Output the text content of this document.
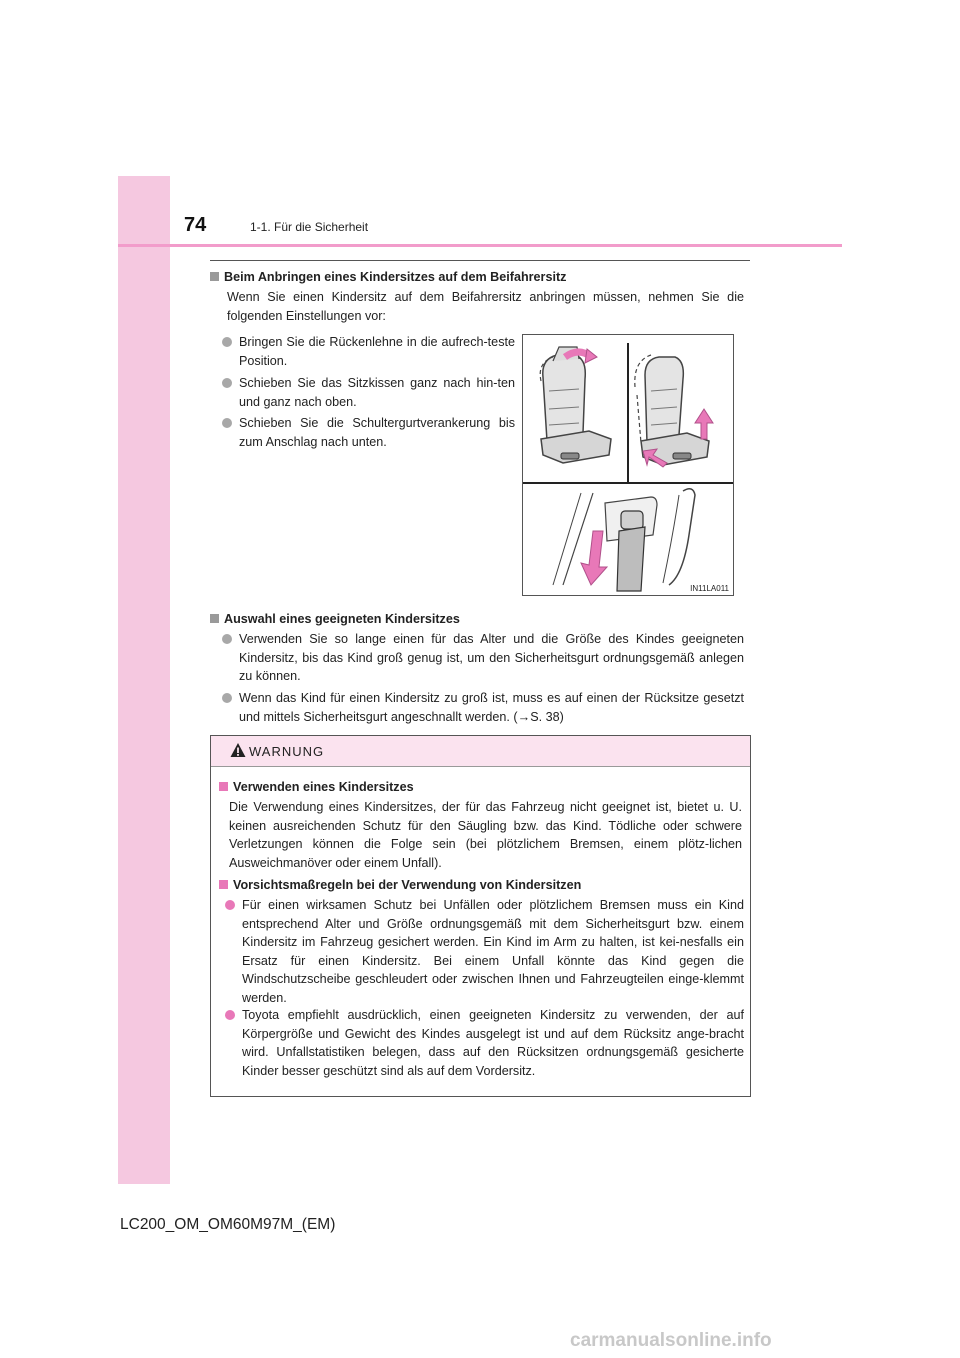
74	1-1. Für die Sicherheit
Beim Anbringen eines Kindersitzes auf dem Beifahrersitz
Wenn Sie einen Kindersitz auf dem Beifahrersitz anbringen müssen, nehmen Sie die folgenden Einstellungen vor:
Bringen Sie die Rückenlehne in die aufrech-teste Position.
Schieben Sie das Sitzkissen ganz nach hin-ten und ganz nach oben.
Schieben Sie die Schultergurtverankerung bis zum Anschlag nach unten.
IN11LA011
Auswahl eines geeigneten Kindersitzes
Verwenden Sie so lange einen für das Alter und die Größe des Kindes geeigneten Kindersitz, bis das Kind groß genug ist, um den Sicherheitsgurt ordnungsgemäß anlegen zu können.
Wenn das Kind für einen Kindersitz zu groß ist, muss es auf einen der Rücksitze gesetzt und mittels Sicherheitsgurt angeschnallt werden. (→S. 38)
WARNUNG
Verwenden eines Kindersitzes
Die Verwendung eines Kindersitzes, der für das Fahrzeug nicht geeignet ist, bietet u. U. keinen ausreichenden Schutz für den Säugling bzw. das Kind. Tödliche oder schwere Verletzungen können die Folge sein (bei plötzlichem Bremsen, einem plötz-lichen Ausweichmanöver oder einem Unfall).
Vorsichtsmaßregeln bei der Verwendung von Kindersitzen
Für einen wirksamen Schutz bei Unfällen oder plötzlichem Bremsen muss ein Kind entsprechend Alter und Größe ordnungsgemäß mit dem Sicherheitsgurt bzw. einem Kindersitz im Fahrzeug gesichert werden. Ein Kind im Arm zu halten, ist kei-nesfalls ein Ersatz für einen Kindersitz. Bei einem Unfall könnte das Kind gegen die Windschutzscheibe geschleudert oder zwischen Ihnen und Fahrzeugteilen einge-klemmt werden.
Toyota empfiehlt ausdrücklich, einen geeigneten Kindersitz zu verwenden, der auf Körpergröße und Gewicht des Kindes ausgelegt ist und auf dem Rücksitz ange-bracht wird. Unfallstatistiken belegen, dass auf den Rücksitzen ordnungsgemäß gesicherte Kinder besser geschützt sind als auf dem Vordersitz.
LC200_OM_OM60M97M_(EM)
carmanualsonline.info
